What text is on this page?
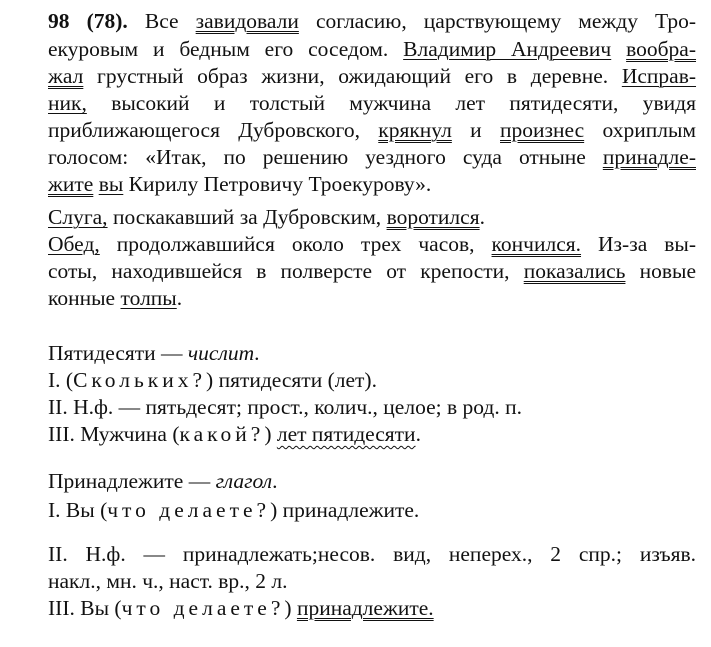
98 (78). Все завидовали согласию, царствующему между Тро-
екуровым и бедным его соседом. Владимир Андреевич вообра-
жал грустный образ жизни, ожидающий его в деревне. Исправ-
ник, высокий и толстый мужчина лет пятидесяти, увидя
приближающегося Дубровского, крякнул и произнес охриплым
голосом: «Итак, по решению уездного суда отныне принадле-
жите вы Кирилу Петровичу Троекурову».
Слуга, поскакавший за Дубровским, воротился.
Обед, продолжавшийся около трех часов, кончился. Из-за вы-
соты, находившейся в полверсте от крепости, показались новые
конные толпы.
Пятидесяти — числит.
I. (Скольких?) пятидесяти (лет).
II. Н.ф. — пятьдесят; прост., колич., целое; в род. п.
III. Мужчина (какой?) лет пятидесяти.
Принадлежите — глагол.
I. Вы (что делаете?) принадлежите.
II. Н.ф. — принадлежать;несов. вид, неперех., 2 спр.; изъяв.
накл., мн. ч., наст. вр., 2 л.
III. Вы (что делаете?) принадлежите.
